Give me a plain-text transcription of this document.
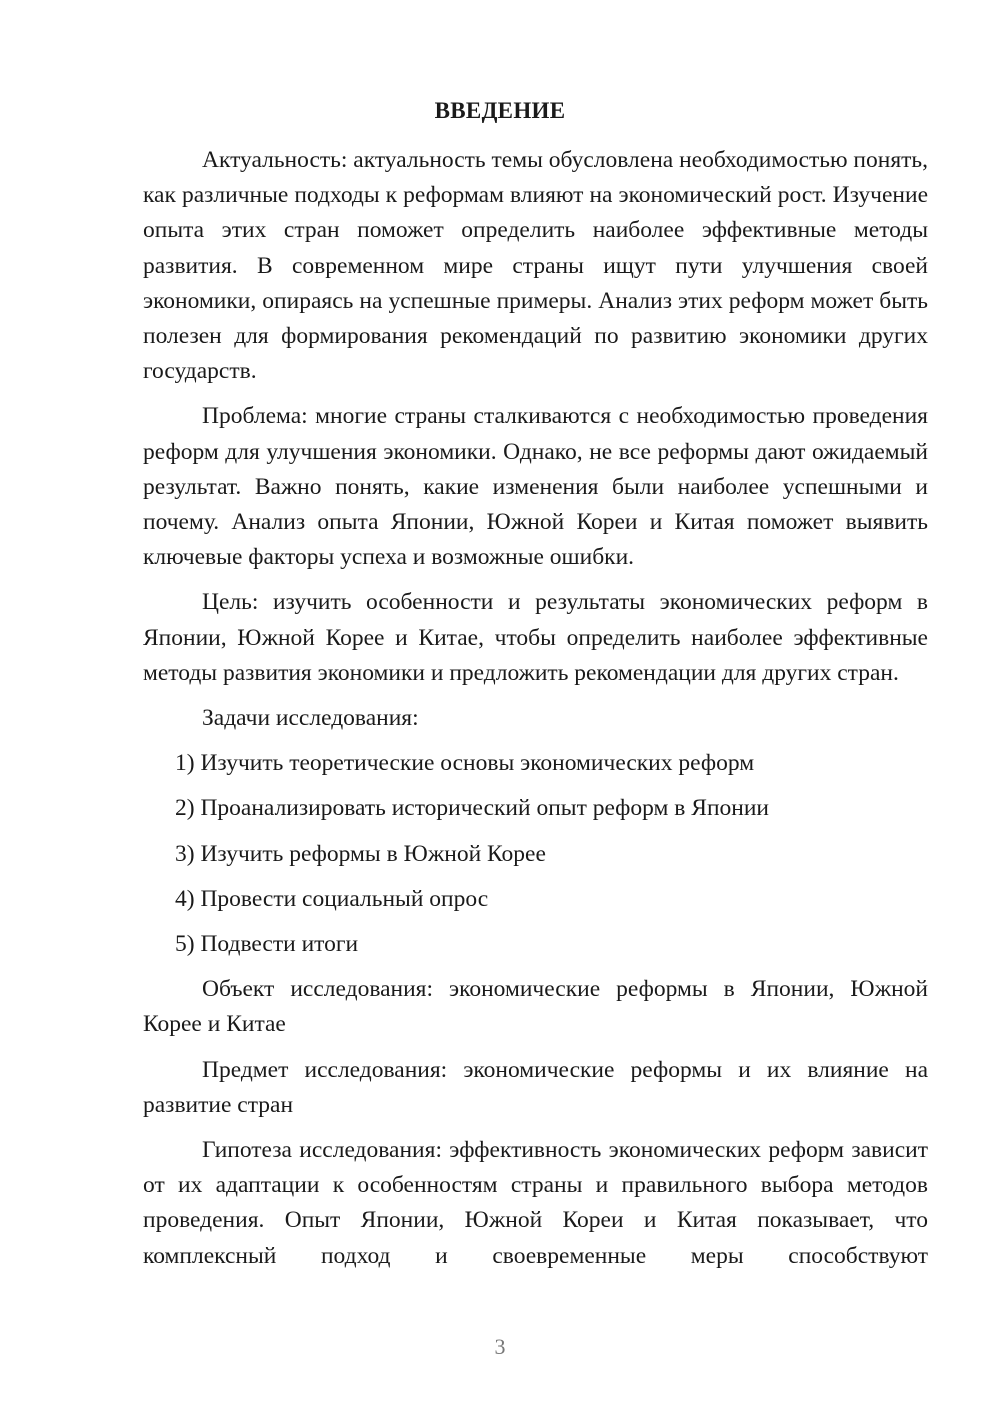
ВВЕДЕНИЕ

Актуальность: актуальность темы обусловлена необходимостью понять, как различные подходы к реформам влияют на экономический рост. Изучение опыта этих стран поможет определить наиболее эффективные методы развития. В современном мире страны ищут пути улучшения своей экономики, опираясь на успешные примеры. Анализ этих реформ может быть полезен для формирования рекомендаций по развитию экономики других государств.

Проблема: многие страны сталкиваются с необходимостью проведения реформ для улучшения экономики. Однако, не все реформы дают ожидаемый результат. Важно понять, какие изменения были наиболее успешными и почему. Анализ опыта Японии, Южной Кореи и Китая поможет выявить ключевые факторы успеха и возможные ошибки.

Цель: изучить особенности и результаты экономических реформ в Японии, Южной Корее и Китае, чтобы определить наиболее эффективные методы развития экономики и предложить рекомендации для других стран.

Задачи исследования:

1) Изучить теоретические основы экономических реформ
2) Проанализировать исторический опыт реформ в Японии
3) Изучить реформы в Южной Корее
4) Провести социальный опрос
5) Подвести итоги

Объект исследования: экономические реформы в Японии, Южной Корее и Китае

Предмет исследования: экономические реформы и их влияние на развитие стран

Гипотеза исследования: эффективность экономических реформ зависит от их адаптации к особенностям страны и правильного выбора методов проведения. Опыт Японии, Южной Кореи и Китая показывает, что комплексный подход и своевременные меры способствуют

3
